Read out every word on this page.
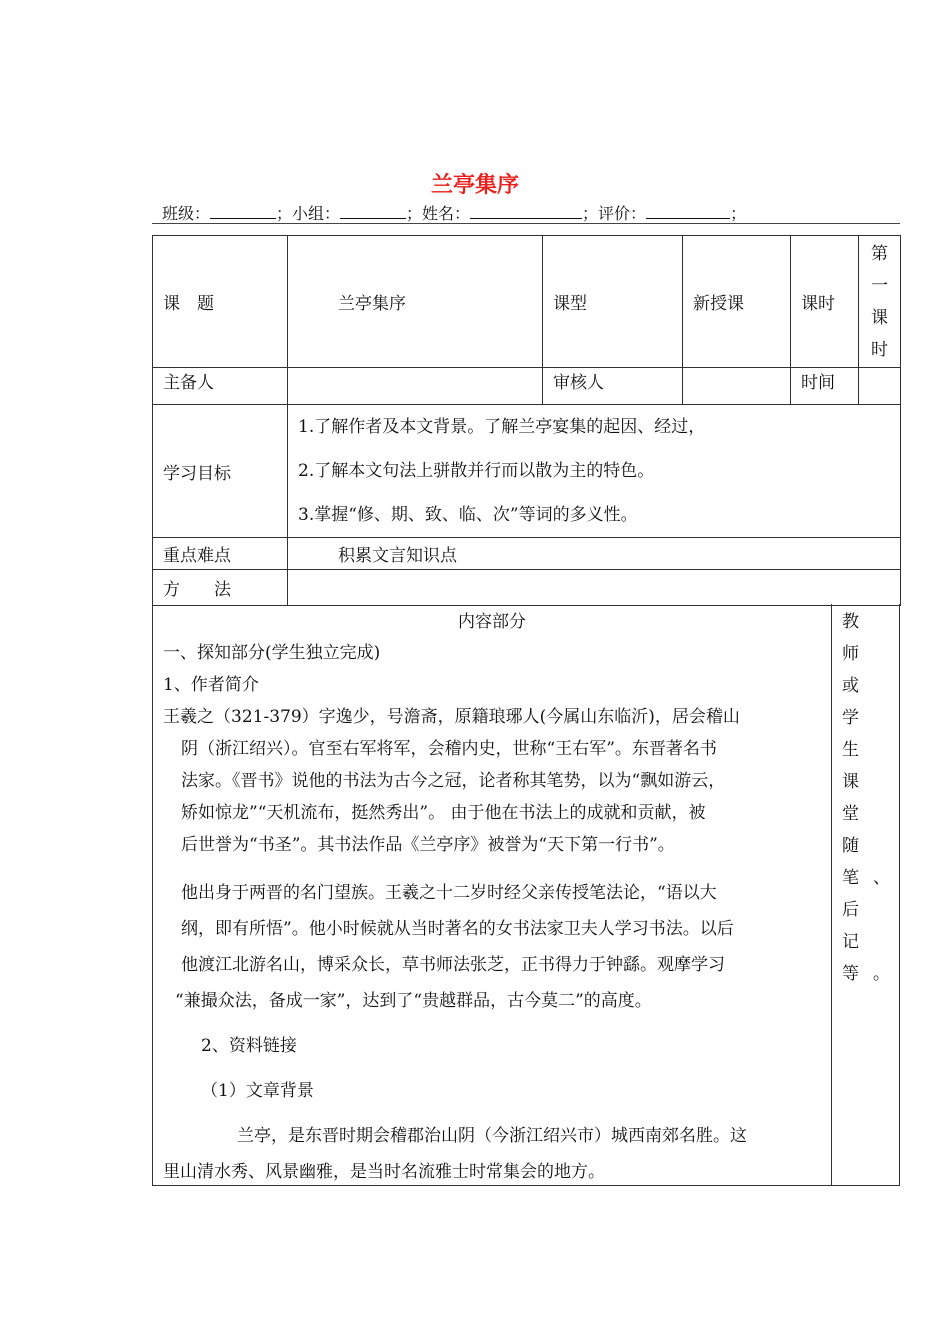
兰亭集序
班级：	；小组：	；姓名：	；评价：	；
课　题	兰亭集序	课型	新授课	课时	第一课时
主备人		审核人		时间	
学习目标	1.了解作者及本文背景。了解兰亭宴集的起因、经过，

2.了解本文句法上骈散并行而以散为主的特色。

3.掌握“修、期、致、临、次”等词的多义性。				

重点难点	积累文言知识点				
方　　法					
内容部分
一、探知部分(学生独立完成)
1、作者简介
王羲之（321-379）字逸少，号澹斋，原籍琅琊人(今属山东临沂)，居会稽山
阴（浙江绍兴）。官至右军将军，会稽内史，世称“王右军”。东晋著名书
法家。《晋书》说他的书法为古今之冠，论者称其笔势，以为“飘如游云，
矫如惊龙”“天机流布，挺然秀出”。 由于他在书法上的成就和贡献，被
后世誉为“书圣”。其书法作品《兰亭序》被誉为“天下第一行书”。
他出身于两晋的名门望族。王羲之十二岁时经父亲传授笔法论，“语以大
纲，即有所悟”。他小时候就从当时著名的女书法家卫夫人学习书法。以后
他渡江北游名山，博采众长，草书师法张芝，正书得力于钟繇。观摩学习
“兼撮众法，备成一家”，达到了“贵越群品，古今莫二”的高度。
2、资料链接
（1）文章背景
兰亭，是东晋时期会稽郡治山阴（今浙江绍兴市）城西南郊名胜。这
里山清水秀、风景幽雅，是当时名流雅士时常集会的地方。
教师
或学
生课
堂随
笔、
后记
等。
